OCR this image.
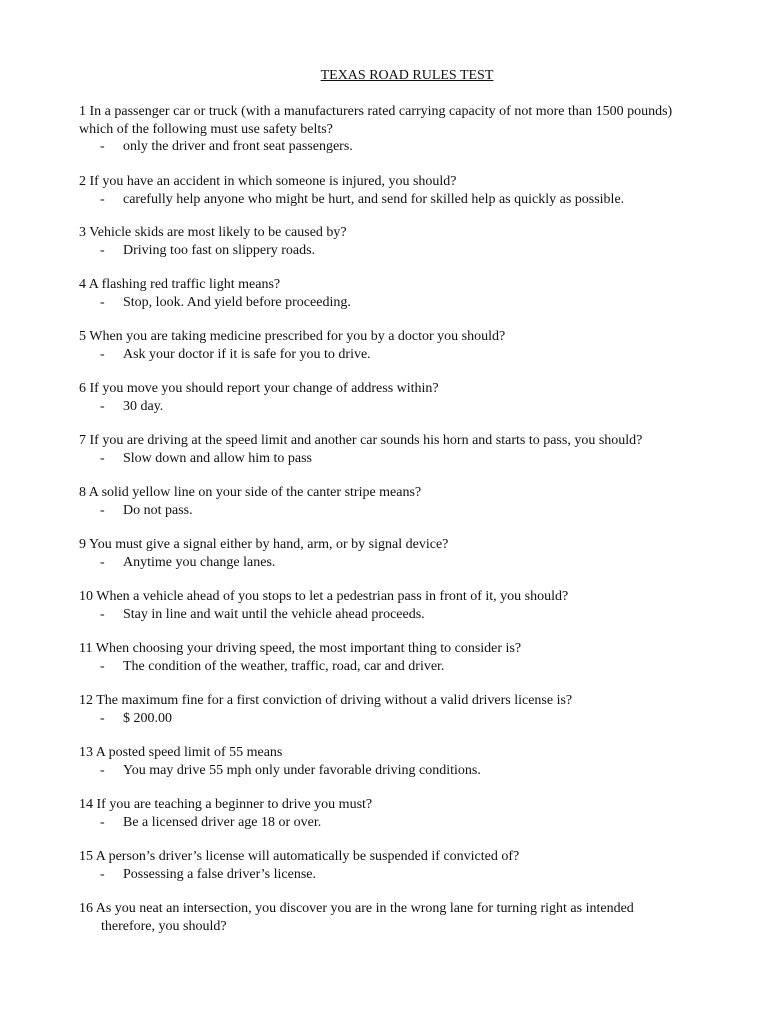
TEXAS ROAD RULES TEST
1 In a passenger car or truck (with a manufacturers rated carrying capacity of not more than 1500 pounds)
which of the following must use safety belts?
- only the driver and front seat passengers.
2 If you have an accident in which someone is injured, you should?
- carefully help anyone who might be hurt, and send for skilled help as quickly as possible.
3 Vehicle skids are most likely to be caused by?
- Driving too fast on slippery roads.
4 A flashing red traffic light means?
- Stop, look. And yield before proceeding.
5 When you are taking medicine prescribed for you by a doctor you should?
- Ask your doctor if it is safe for you to drive.
6 If you move you should report your change of address within?
- 30 day.
7 If you are driving at the speed limit and another car sounds his horn and starts to pass, you should?
- Slow down and allow him to pass
8 A solid yellow line on your side of the canter stripe means?
- Do not pass.
9 You must give a signal either by hand, arm, or by signal device?
- Anytime you change lanes.
10 When a vehicle ahead of you stops to let a pedestrian pass in front of it, you should?
- Stay in line and wait until the vehicle ahead proceeds.
11 When choosing your driving speed, the most important thing to consider is?
- The condition of the weather, traffic, road, car and driver.
12 The maximum fine for a first conviction of driving without a valid drivers license is?
- $ 200.00
13 A posted speed limit of 55 means
- You may drive 55 mph only under favorable driving conditions.
14 If you are teaching a beginner to drive you must?
- Be a licensed driver age 18 or over.
15 A person’s driver’s license will automatically be suspended if convicted of?
- Possessing a false driver’s license.
16 As you neat an intersection, you discover you are in the wrong lane for turning right as intended
therefore, you should?
